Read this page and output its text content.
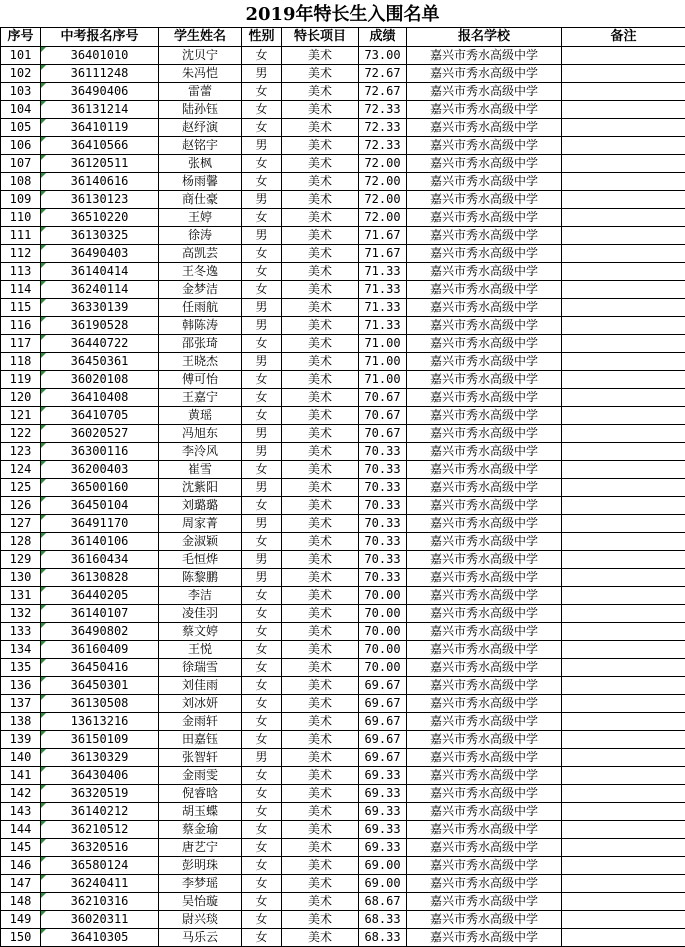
2019年特长生入围名单
序号	中考报名序号	学生姓名	性别	特长项目	成绩	报名学校	备注
101	36401010	沈贝宁	女	美术	73.00	嘉兴市秀水高级中学	
102	36111248	朱冯恺	男	美术	72.67	嘉兴市秀水高级中学	
103	36490406	雷蕾	女	美术	72.67	嘉兴市秀水高级中学	
104	36131214	陆孙钰	女	美术	72.33	嘉兴市秀水高级中学	
105	36410119	赵纾演	女	美术	72.33	嘉兴市秀水高级中学	
106	36410566	赵铭宇	男	美术	72.33	嘉兴市秀水高级中学	
107	36120511	张枫	女	美术	72.00	嘉兴市秀水高级中学	
108	36140616	杨雨馨	女	美术	72.00	嘉兴市秀水高级中学	
109	36130123	商仕豪	男	美术	72.00	嘉兴市秀水高级中学	
110	36510220	王婷	女	美术	72.00	嘉兴市秀水高级中学	
111	36130325	徐涛	男	美术	71.67	嘉兴市秀水高级中学	
112	36490403	高凯芸	女	美术	71.67	嘉兴市秀水高级中学	
113	36140414	王冬逸	女	美术	71.33	嘉兴市秀水高级中学	
114	36240114	金梦洁	女	美术	71.33	嘉兴市秀水高级中学	
115	36330139	任雨航	男	美术	71.33	嘉兴市秀水高级中学	
116	36190528	韩陈涛	男	美术	71.33	嘉兴市秀水高级中学	
117	36440722	邵张琦	女	美术	71.00	嘉兴市秀水高级中学	
118	36450361	王晓杰	男	美术	71.00	嘉兴市秀水高级中学	
119	36020108	傅可怡	女	美术	71.00	嘉兴市秀水高级中学	
120	36410408	王嘉宁	女	美术	70.67	嘉兴市秀水高级中学	
121	36410705	黄瑶	女	美术	70.67	嘉兴市秀水高级中学	
122	36020527	冯旭东	男	美术	70.67	嘉兴市秀水高级中学	
123	36300116	李泠风	男	美术	70.33	嘉兴市秀水高级中学	
124	36200403	崔雪	女	美术	70.33	嘉兴市秀水高级中学	
125	36500160	沈紫阳	男	美术	70.33	嘉兴市秀水高级中学	
126	36450104	刘璐璐	女	美术	70.33	嘉兴市秀水高级中学	
127	36491170	周家菁	男	美术	70.33	嘉兴市秀水高级中学	
128	36140106	金淑颖	女	美术	70.33	嘉兴市秀水高级中学	
129	36160434	毛恒烨	男	美术	70.33	嘉兴市秀水高级中学	
130	36130828	陈黎鹏	男	美术	70.33	嘉兴市秀水高级中学	
131	36440205	李洁	女	美术	70.00	嘉兴市秀水高级中学	
132	36140107	凌佳羽	女	美术	70.00	嘉兴市秀水高级中学	
133	36490802	蔡文婷	女	美术	70.00	嘉兴市秀水高级中学	
134	36160409	王悦	女	美术	70.00	嘉兴市秀水高级中学	
135	36450416	徐瑞雪	女	美术	70.00	嘉兴市秀水高级中学	
136	36450301	刘佳雨	女	美术	69.67	嘉兴市秀水高级中学	
137	36130508	刘冰妍	女	美术	69.67	嘉兴市秀水高级中学	
138	13613216	金雨轩	女	美术	69.67	嘉兴市秀水高级中学	
139	36150109	田嘉钰	女	美术	69.67	嘉兴市秀水高级中学	
140	36130329	张智轩	男	美术	69.67	嘉兴市秀水高级中学	
141	36430406	金雨雯	女	美术	69.33	嘉兴市秀水高级中学	
142	36320519	倪睿晗	女	美术	69.33	嘉兴市秀水高级中学	
143	36140212	胡玉蝶	女	美术	69.33	嘉兴市秀水高级中学	
144	36210512	蔡金瑜	女	美术	69.33	嘉兴市秀水高级中学	
145	36320516	唐艺宁	女	美术	69.33	嘉兴市秀水高级中学	
146	36580124	彭明珠	女	美术	69.00	嘉兴市秀水高级中学	
147	36240411	李梦瑶	女	美术	69.00	嘉兴市秀水高级中学	
148	36210316	吴怡璇	女	美术	68.67	嘉兴市秀水高级中学	
149	36020311	尉兴琰	女	美术	68.33	嘉兴市秀水高级中学	
150	36410305	马乐云	女	美术	68.33	嘉兴市秀水高级中学	
